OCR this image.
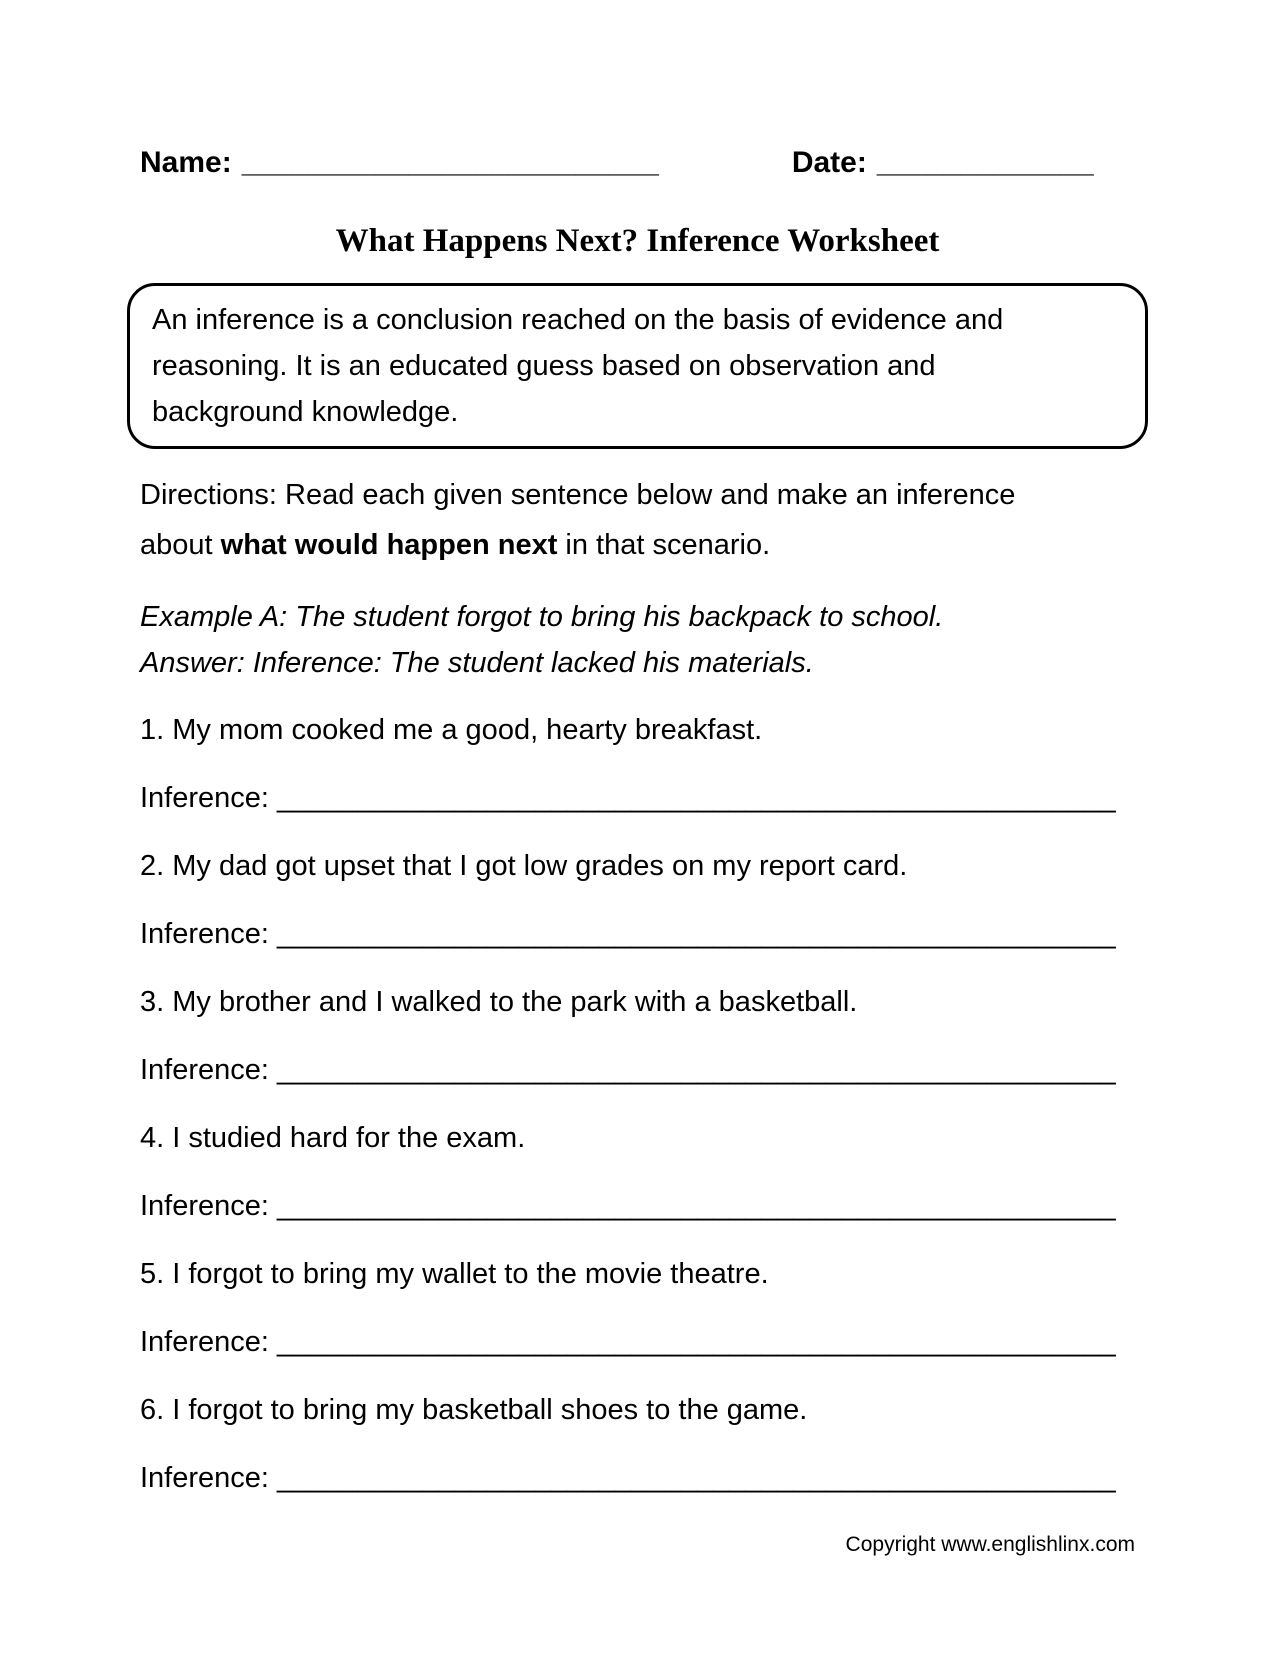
Name: _________________________	Date: _____________
What Happens Next? Inference Worksheet
An inference is a conclusion reached on the basis of evidence and
reasoning. It is an educated guess based on observation and
background knowledge.
Directions: Read each given sentence below and make an inference
about what would happen next in that scenario.
Example A: The student forgot to bring his backpack to school.
Answer: Inference: The student lacked his materials.

1. My mom cooked me a good, hearty breakfast.

Inference: ____________________________________________________

2. My dad got upset that I got low grades on my report card.

Inference: ____________________________________________________

3. My brother and I walked to the park with a basketball.

Inference: ____________________________________________________

4. I studied hard for the exam.

Inference: ____________________________________________________

5. I forgot to bring my wallet to the movie theatre.

Inference: ____________________________________________________

6. I forgot to bring my basketball shoes to the game.

Inference: ____________________________________________________

Copyright www.englishlinx.com
